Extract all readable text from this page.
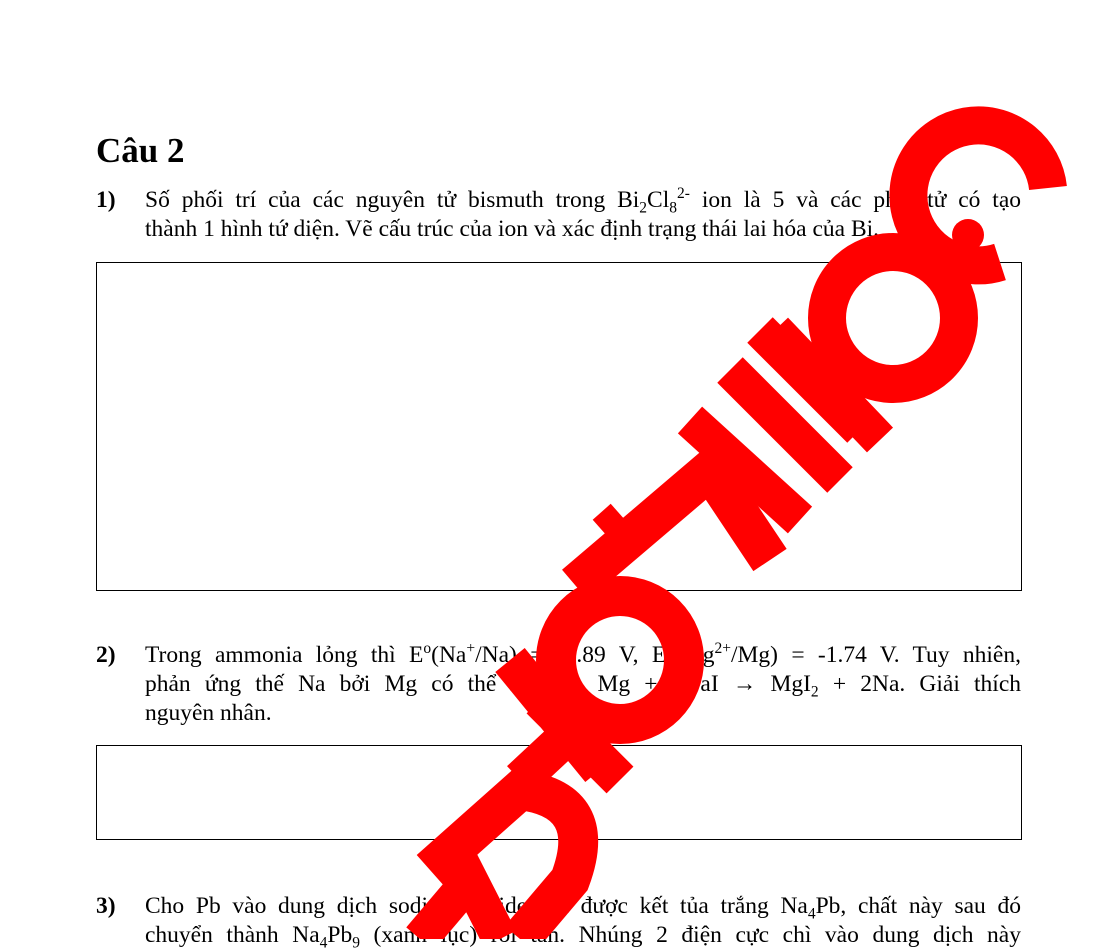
Câu 2
1) Số phối trí của các nguyên tử bismuth trong $Bi_2Cl_8^{2-}$ ion là 5 và các phối tử có tạo
thành 1 hình tứ diện. Vẽ cấu trúc của ion và xác định trạng thái lai hóa của Bi.
2) Trong ammonia lỏng thì $E^o(Na^+/Na) = -1.89$ V, $E^o(Mg^{2+}/Mg) = -1.74$ V. Tuy nhiên,
phản ứng thế Na bởi Mg có thể xảy ra: Mg + 2NaI → MgI$_2$ + 2Na. Giải thích
nguyên nhân.
3) Cho Pb vào dung dịch sodium amide thu được kết tủa trắng $Na_4Pb$, chất này sau đó
chuyển thành $Na_4Pb_9$ (xanh lục) rồi tan. Nhúng 2 điện cực chì vào dung dịch này
